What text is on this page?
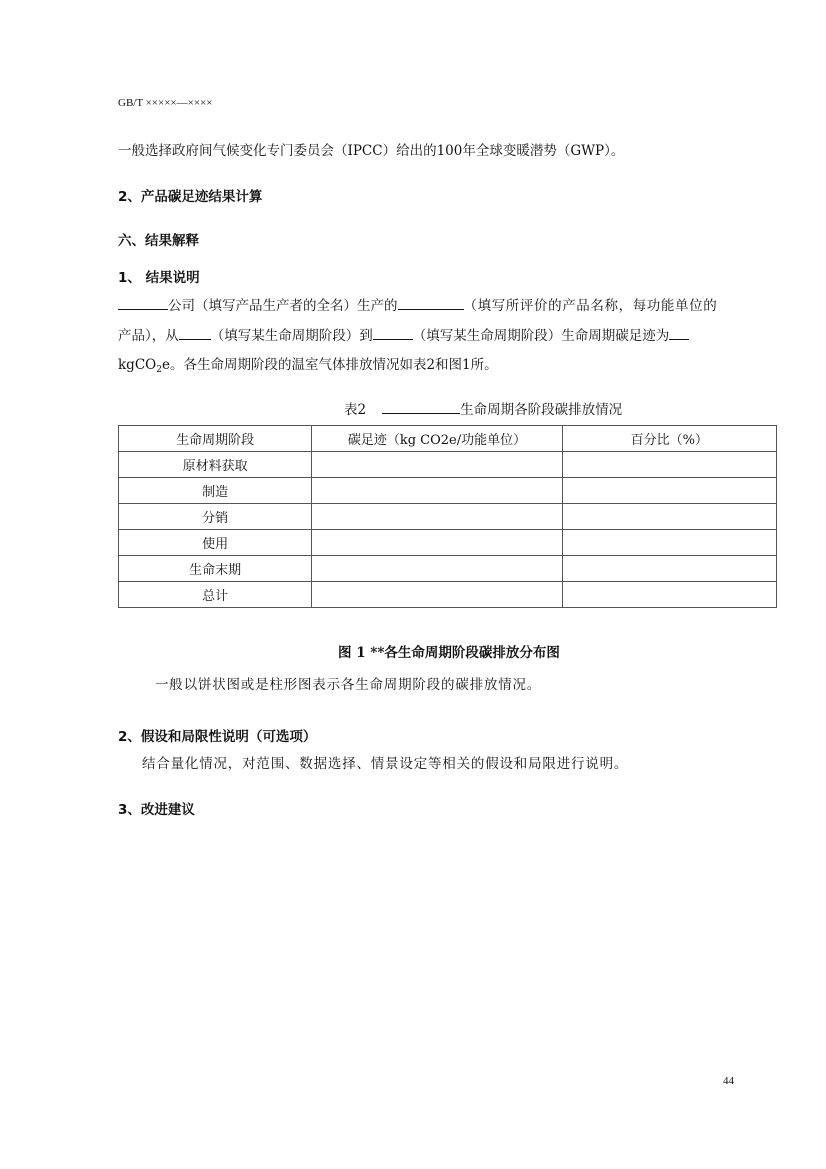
GB/T ×××××—××××
一般选择政府间气候变化专门委员会（IPCC）给出的100年全球变暖潜势（GWP）。
2、产品碳足迹结果计算
六、结果解释
1、 结果说明
公司（填写产品生产者的全名）生产的	（填写所评价的产品名称，每功能单位的
产品），从 （填写某生命周期阶段）到	（填写某生命周期阶段）生命周期碳足迹为
kgCO$_2$e。各生命周期阶段的温室气体排放情况如表2和图1所。
表2	生命周期各阶段碳排放情况
生命周期阶段	碳足迹（kg CO2e/功能单位）	百分比（%）
原材料获取		
制造		
分销		
使用		
生命末期		
总计		
图 1 **各生命周期阶段碳排放分布图
一般以饼状图或是柱形图表示各生命周期阶段的碳排放情况。
2、假设和局限性说明（可选项）
结合量化情况，对范围、数据选择、情景设定等相关的假设和局限进行说明。
3、改进建议
44
